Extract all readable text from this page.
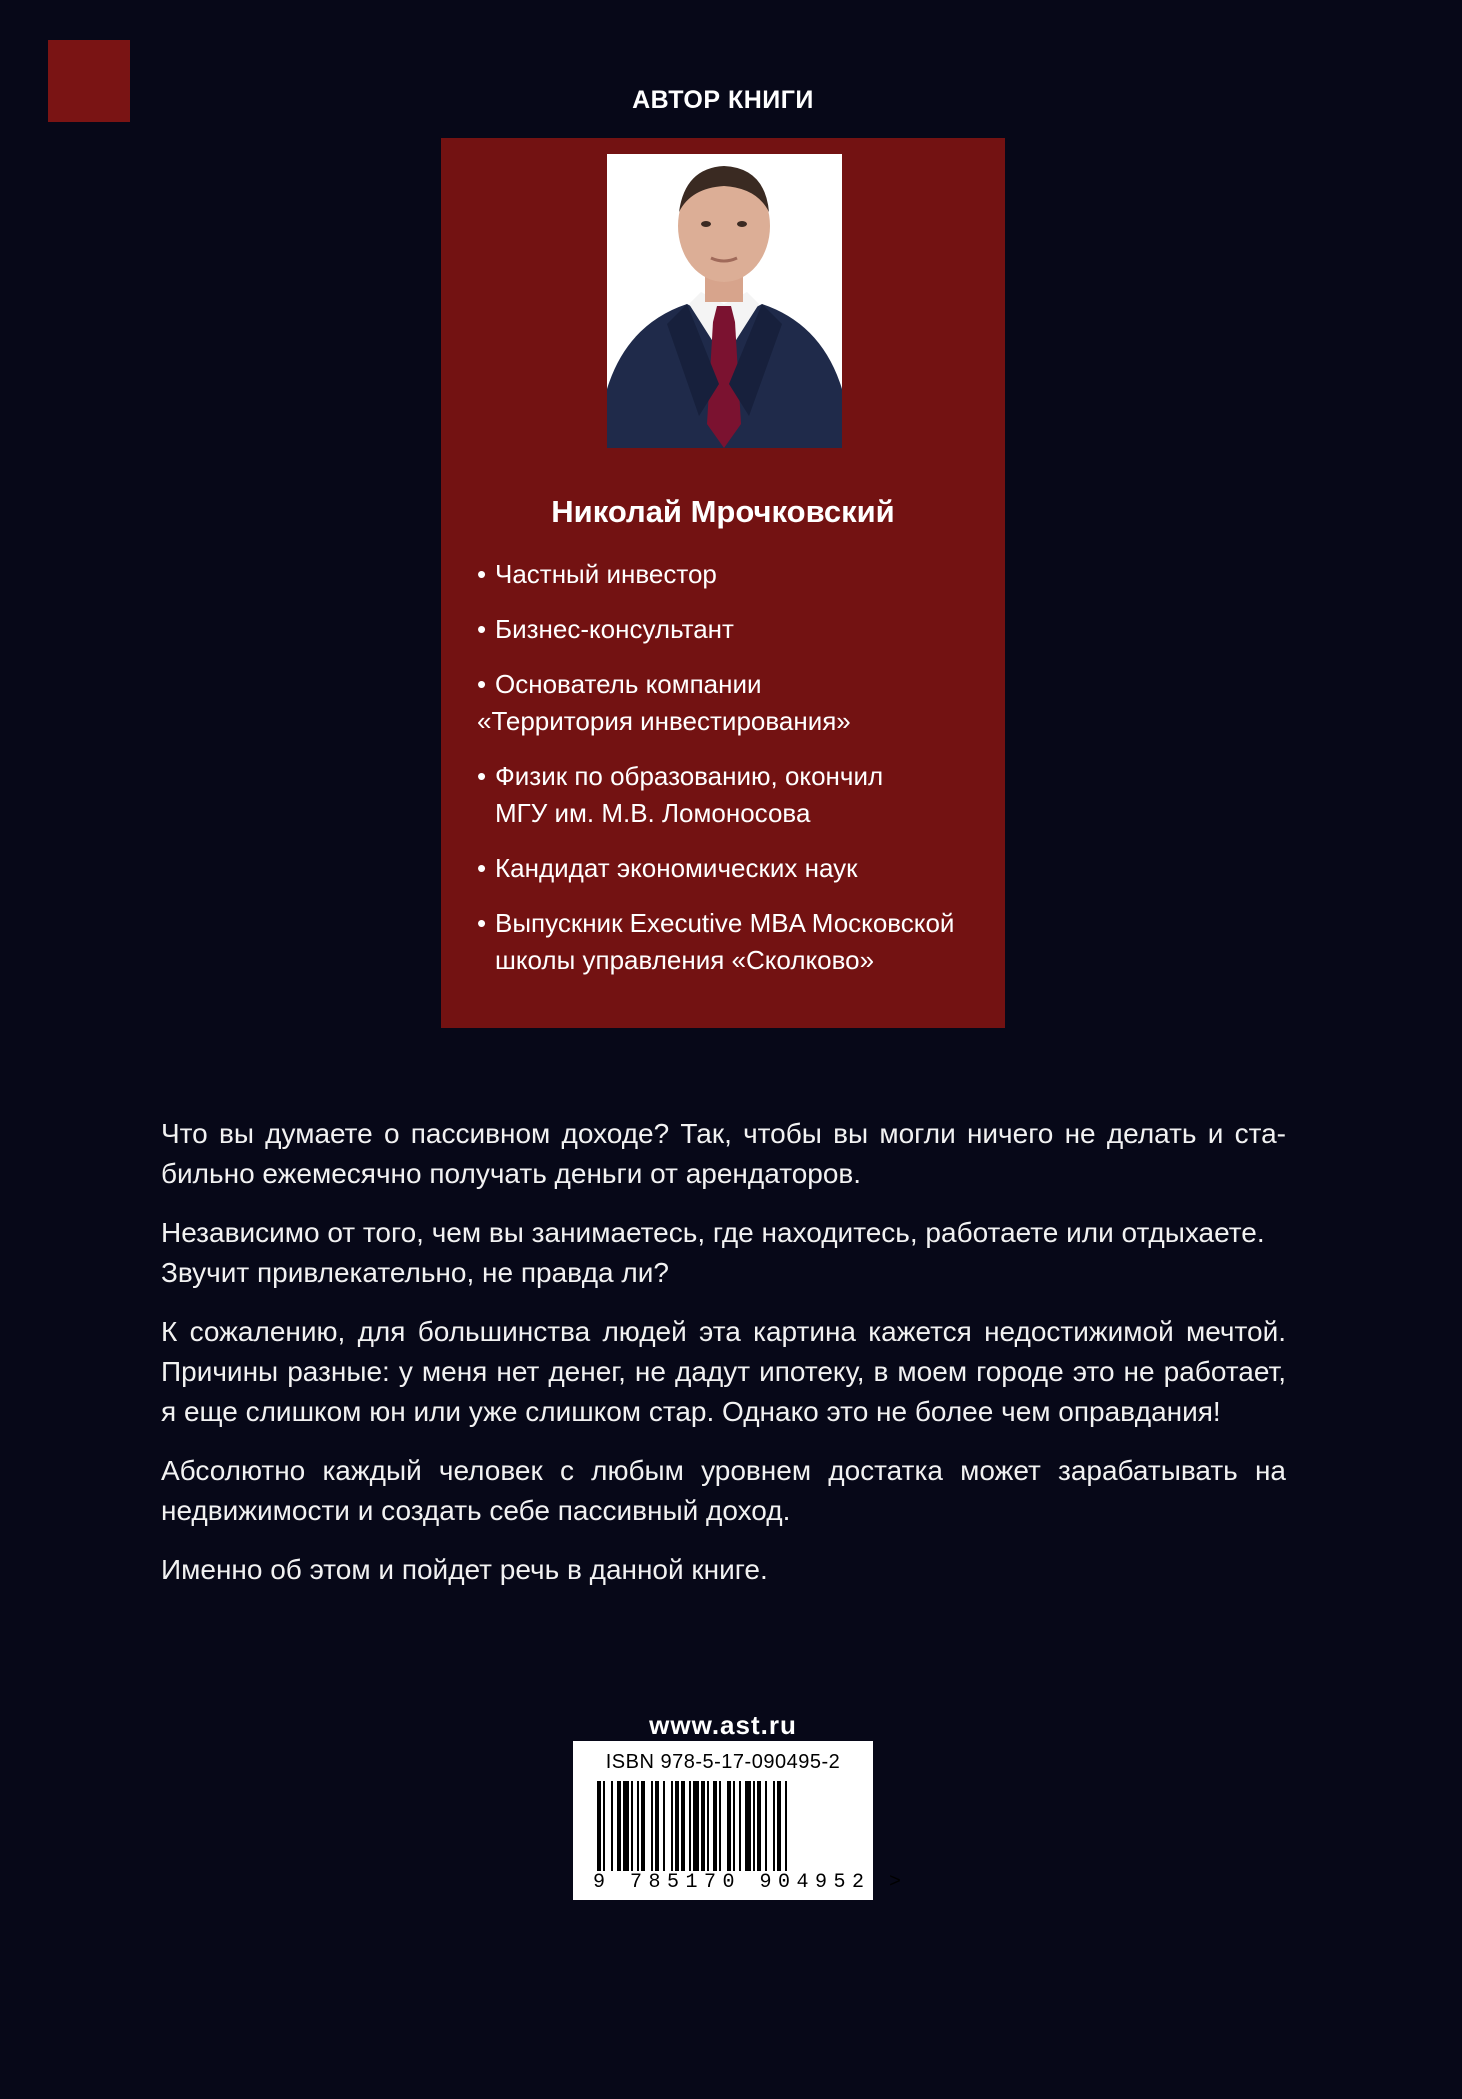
АВТОР КНИГИ
Николай Мрочковский
• Частный инвестор
• Бизнес-консультант
• Основатель компании
«Территория инвестирования»
• Физик по образованию, окончил
МГУ им. М.В. Ломоносова
• Кандидат экономических наук
• Выпускник Executive MBA Московской
школы управления «Сколково»

Что вы думаете о пассивном доходе? Так, чтобы вы могли ничего не делать и ста-бильно ежемесячно получать деньги от арендаторов.

Независимо от того, чем вы занимаетесь, где находитесь, работаете или отдыхаете. Звучит привлекательно, не правда ли?

К сожалению, для большинства людей эта картина кажется недостижимой мечтой. Причины разные: у меня нет денег, не дадут ипотеку, в моем городе это не работает, я еще слишком юн или уже слишком стар. Однако это не более чем оправдания!

Абсолютно каждый человек с любым уровнем достатка может зарабатывать на недвижимости и создать себе пассивный доход.

Именно об этом и пойдет речь в данной книге.

www.ast.ru
ISBN 978-5-17-090495-2
9 785170 904952 >
